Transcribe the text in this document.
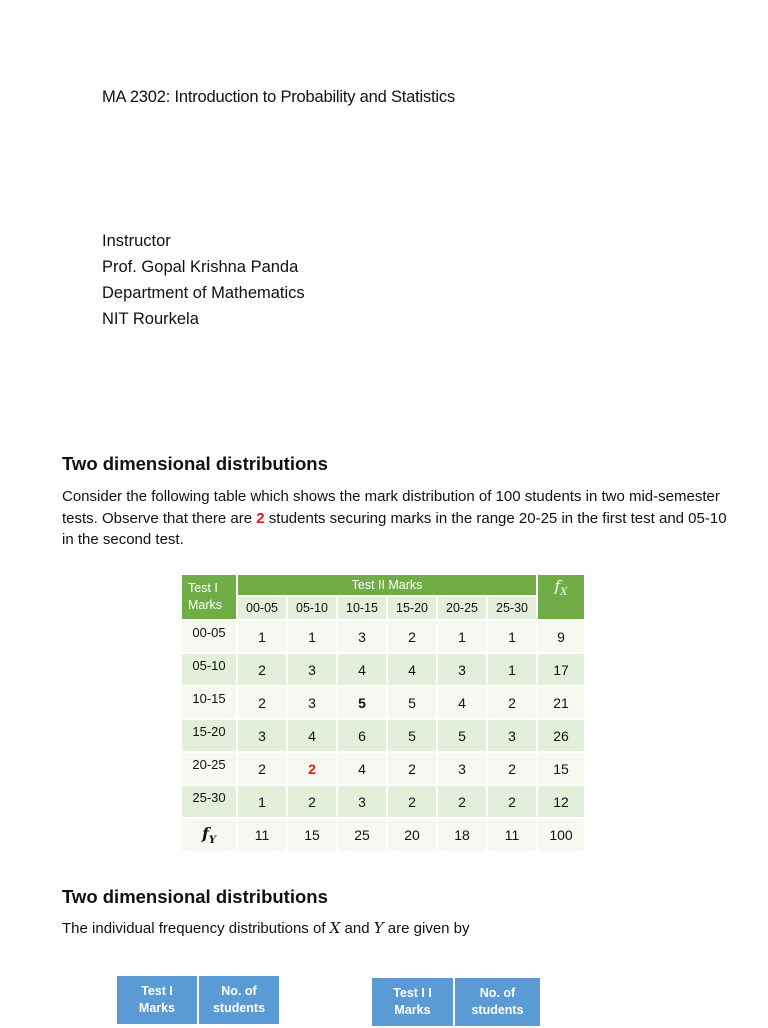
MA 2302: Introduction to Probability and Statistics
Instructor
Prof. Gopal Krishna Panda
Department of Mathematics
NIT Rourkela
Two dimensional distributions
Consider the following table which shows the mark distribution of 100 students in two mid-semester tests. Observe that there are 2 students securing marks in the range 20-25 in the first test and 05-10 in the second test.
Test I
Marks	Test II Marks						$f_X$
	00-05	05-10	10-15	15-20	20-25	25-30	
00-05	1	1	3	2	1	1	9
05-10	2	3	4	4	3	1	17
10-15	2	3	5	5	4	2	21
15-20	3	4	6	5	5	3	26
20-25	2	2	4	2	3	2	15
25-30	1	2	3	2	2	2	12
$f_Y$	11	15	25	20	18	11	100
Two dimensional distributions
The individual frequency distributions of X and Y are given by
Test I
Marks

No. of
students
Test I I
Marks

No. of
students
